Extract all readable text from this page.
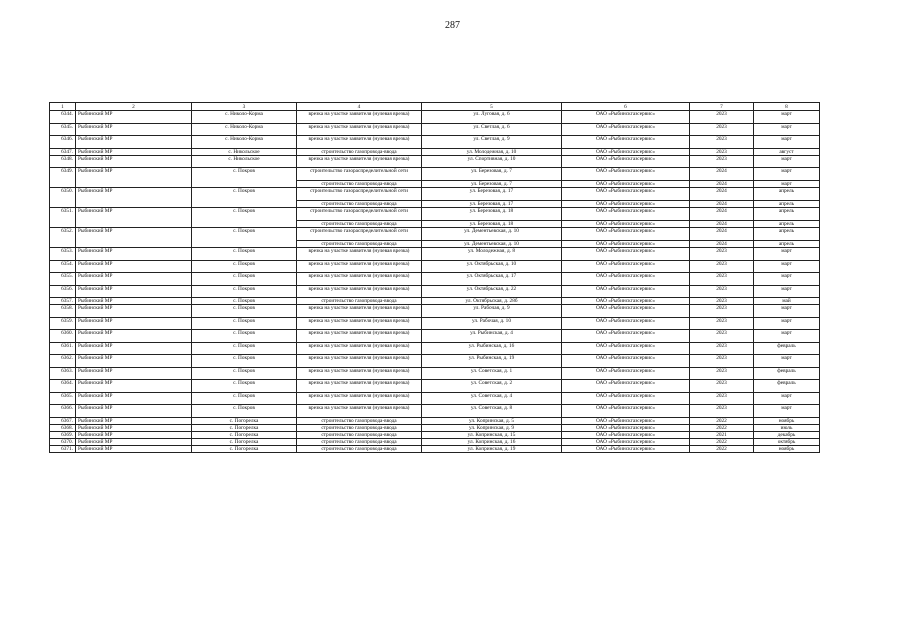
287
1	2	3	4	5	6	7	8
6344.	Рыбинский МР	с. Николо-Корма	врезка на участке заявителя (нулевая врезка)	ул. Луговая, д. 6	ОАО «Рыбинскгазсервис»	2023	март
6345.	Рыбинский МР	с. Николо-Корма	врезка на участке заявителя (нулевая врезка)	ул. Светлая, д. 6	ОАО «Рыбинскгазсервис»	2023	март
6346.	Рыбинский МР	с. Николо-Корма	врезка на участке заявителя (нулевая врезка)	ул. Светлая, д. 9	ОАО «Рыбинскгазсервис»	2023	март
6347.	Рыбинский МР	с. Никольское	строительство газопровода-ввода	ул. Молодежная, д. 10	ОАО «Рыбинскгазсервис»	2023	август
6348.	Рыбинский МР	с. Никольское	врезка на участке заявителя (нулевая врезка)	ул. Спортивная, д. 10	ОАО «Рыбинскгазсервис»	2023	март
6349.	Рыбинский МР	с. Покров	строительство газораспределительной сети	ул. Березовая, д. 7	ОАО «Рыбинскгазсервис»	2024	март
			строительство газопровода-ввода	ул. Березовая, д. 7	ОАО «Рыбинскгазсервис»	2024	март
6350.	Рыбинский МР	с. Покров	строительство газораспределительной сети	ул. Березовая, д. 17	ОАО «Рыбинскгазсервис»	2024	апрель
			строительство газопровода-ввода	ул. Березовая, д. 17	ОАО «Рыбинскгазсервис»	2024	апрель
6351.	Рыбинский МР	с. Покров	строительство газораспределительной сети	ул. Березовая, д. 18	ОАО «Рыбинскгазсервис»	2024	апрель
			строительство газопровода-ввода	ул. Березовая, д. 18	ОАО «Рыбинскгазсервис»	2024	апрель
6352.	Рыбинский МР	с. Покров	строительство газораспределительной сети	ул. Дементьевская, д. 10	ОАО «Рыбинскгазсервис»	2024	апрель
			строительство газопровода-ввода	ул. Дементьевская, д. 10	ОАО «Рыбинскгазсервис»	2024	апрель
6353.	Рыбинский МР	с. Покров	врезка на участке заявителя (нулевая врезка)	ул. Молодежная, д. 8	ОАО «Рыбинскгазсервис»	2023	март
6354.	Рыбинский МР	с. Покров	врезка на участке заявителя (нулевая врезка)	ул. Октябрьская, д. 10	ОАО «Рыбинскгазсервис»	2023	март
6355.	Рыбинский МР	с. Покров	врезка на участке заявителя (нулевая врезка)	ул. Октябрьская, д. 17	ОАО «Рыбинскгазсервис»	2023	март
6356.	Рыбинский МР	с. Покров	врезка на участке заявителя (нулевая врезка)	ул. Октябрьская, д. 22	ОАО «Рыбинскгазсервис»	2023	март
6357.	Рыбинский МР	с. Покров	строительство газопровода-ввода	ул. Октябрьская, д. 28б	ОАО «Рыбинскгазсервис»	2023	май
6358.	Рыбинский МР	с. Покров	врезка на участке заявителя (нулевая врезка)	ул. Рабочая, д. 9	ОАО «Рыбинскгазсервис»	2023	март
6359.	Рыбинский МР	с. Покров	врезка на участке заявителя (нулевая врезка)	ул. Рабочая, д. 10	ОАО «Рыбинскгазсервис»	2023	март
6360.	Рыбинский МР	с. Покров	врезка на участке заявителя (нулевая врезка)	ул. Рыбинская, д. 4	ОАО «Рыбинскгазсервис»	2023	март
6361.	Рыбинский МР	с. Покров	врезка на участке заявителя (нулевая врезка)	ул. Рыбинская, д. 16	ОАО «Рыбинскгазсервис»	2023	февраль
6362.	Рыбинский МР	с. Покров	врезка на участке заявителя (нулевая врезка)	ул. Рыбинская, д. 19	ОАО «Рыбинскгазсервис»	2023	март
6363.	Рыбинский МР	с. Покров	врезка на участке заявителя (нулевая врезка)	ул. Советская, д. 1	ОАО «Рыбинскгазсервис»	2023	февраль
6364.	Рыбинский МР	с. Покров	врезка на участке заявителя (нулевая врезка)	ул. Советская, д. 2	ОАО «Рыбинскгазсервис»	2023	февраль
6365.	Рыбинский МР	с. Покров	врезка на участке заявителя (нулевая врезка)	ул. Советская, д. 4	ОАО «Рыбинскгазсервис»	2023	март
6366.	Рыбинский МР	с. Покров	врезка на участке заявителя (нулевая врезка)	ул. Советская, д. 8	ОАО «Рыбинскгазсервис»	2023	март
6367.	Рыбинский МР	с. Погорелка	строительство газопровода-ввода	ул. Копринская, д. 5	ОАО «Рыбинскгазсервис»	2022	ноябрь
6368.	Рыбинский МР	с. Погорелка	строительство газопровода-ввода	ул. Копринская, д. 9	ОАО «Рыбинскгазсервис»	2022	июль
6369.	Рыбинский МР	с. Погорелка	строительство газопровода-ввода	ул. Копринская, д. 15	ОАО «Рыбинскгазсервис»	2021	декабрь
6370.	Рыбинский МР	с. Погорелка	строительство газопровода-ввода	ул. Копринская, д. 16	ОАО «Рыбинскгазсервис»	2022	октябрь
6371.	Рыбинский МР	с. Погорелка	строительство газопровода-ввода	ул. Копринская, д. 19	ОАО «Рыбинскгазсервис»	2022	ноябрь
